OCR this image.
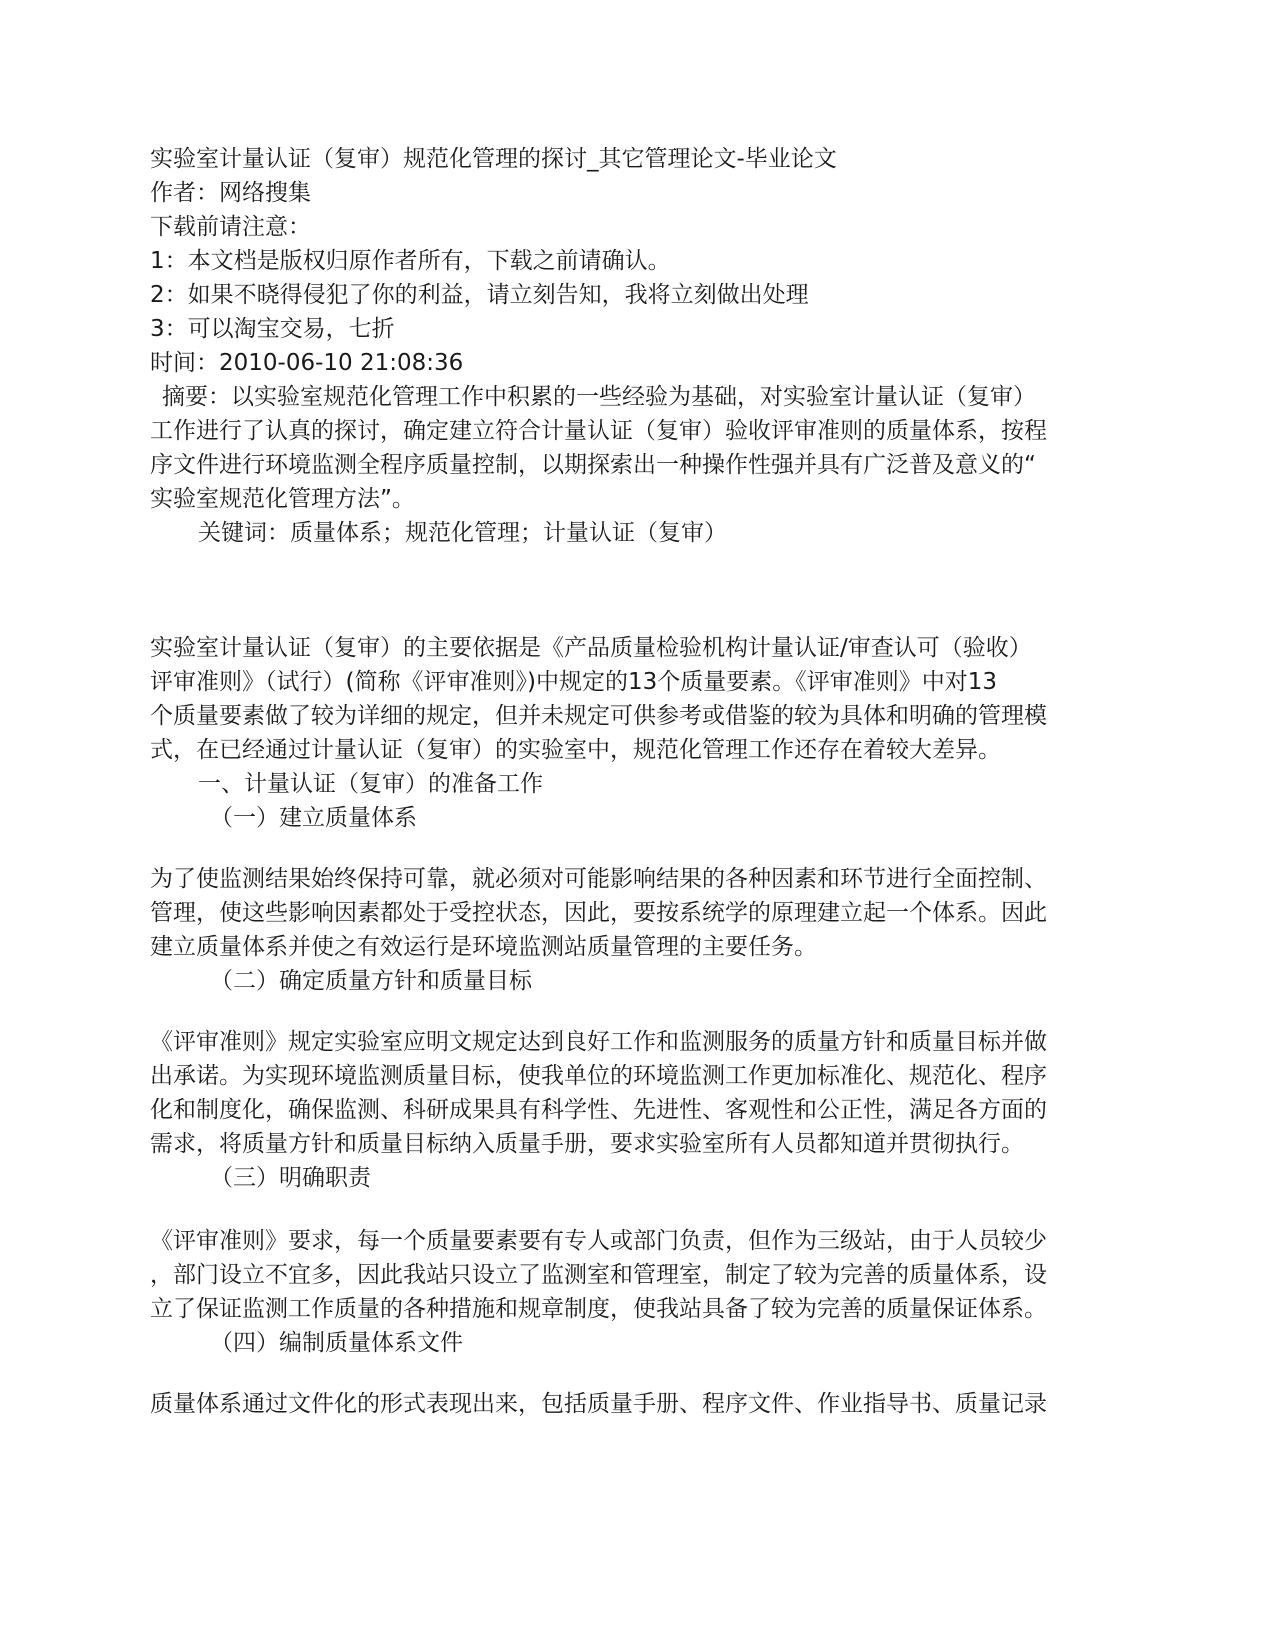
实验室计量认证（复审）规范化管理的探讨_其它管理论文-毕业论文
作者：网络搜集
下载前请注意：
1：本文档是版权归原作者所有，下载之前请确认。
2：如果不晓得侵犯了你的利益，请立刻告知，我将立刻做出处理
3：可以淘宝交易，七折
时间：2010-06-10 21:08:36
摘要：以实验室规范化管理工作中积累的一些经验为基础，对实验室计量认证（复审）
工作进行了认真的探讨，确定建立符合计量认证（复审）验收评审准则的质量体系，按程
序文件进行环境监测全程序质量控制，以期探索出一种操作性强并具有广泛普及意义的“
实验室规范化管理方法”。
关键词：质量体系；规范化管理；计量认证（复审）
实验室计量认证（复审）的主要依据是《产品质量检验机构计量认证/审查认可（验收）
评审准则》（试行）(简称《评审准则》)中规定的13个质量要素。《评审准则》中对13
个质量要素做了较为详细的规定，但并未规定可供参考或借鉴的较为具体和明确的管理模
式，在已经通过计量认证（复审）的实验室中，规范化管理工作还存在着较大差异。
一、计量认证（复审）的准备工作
（一）建立质量体系
为了使监测结果始终保持可靠，就必须对可能影响结果的各种因素和环节进行全面控制、
管理，使这些影响因素都处于受控状态，因此，要按系统学的原理建立起一个体系。因此
建立质量体系并使之有效运行是环境监测站质量管理的主要任务。
（二）确定质量方针和质量目标
《评审准则》规定实验室应明文规定达到良好工作和监测服务的质量方针和质量目标并做
出承诺。为实现环境监测质量目标，使我单位的环境监测工作更加标准化、规范化、程序
化和制度化，确保监测、科研成果具有科学性、先进性、客观性和公正性，满足各方面的
需求，将质量方针和质量目标纳入质量手册，要求实验室所有人员都知道并贯彻执行。
（三）明确职责
《评审准则》要求，每一个质量要素要有专人或部门负责，但作为三级站，由于人员较少
，部门设立不宜多，因此我站只设立了监测室和管理室，制定了较为完善的质量体系，设
立了保证监测工作质量的各种措施和规章制度，使我站具备了较为完善的质量保证体系。
（四）编制质量体系文件
质量体系通过文件化的形式表现出来，包括质量手册、程序文件、作业指导书、质量记录
